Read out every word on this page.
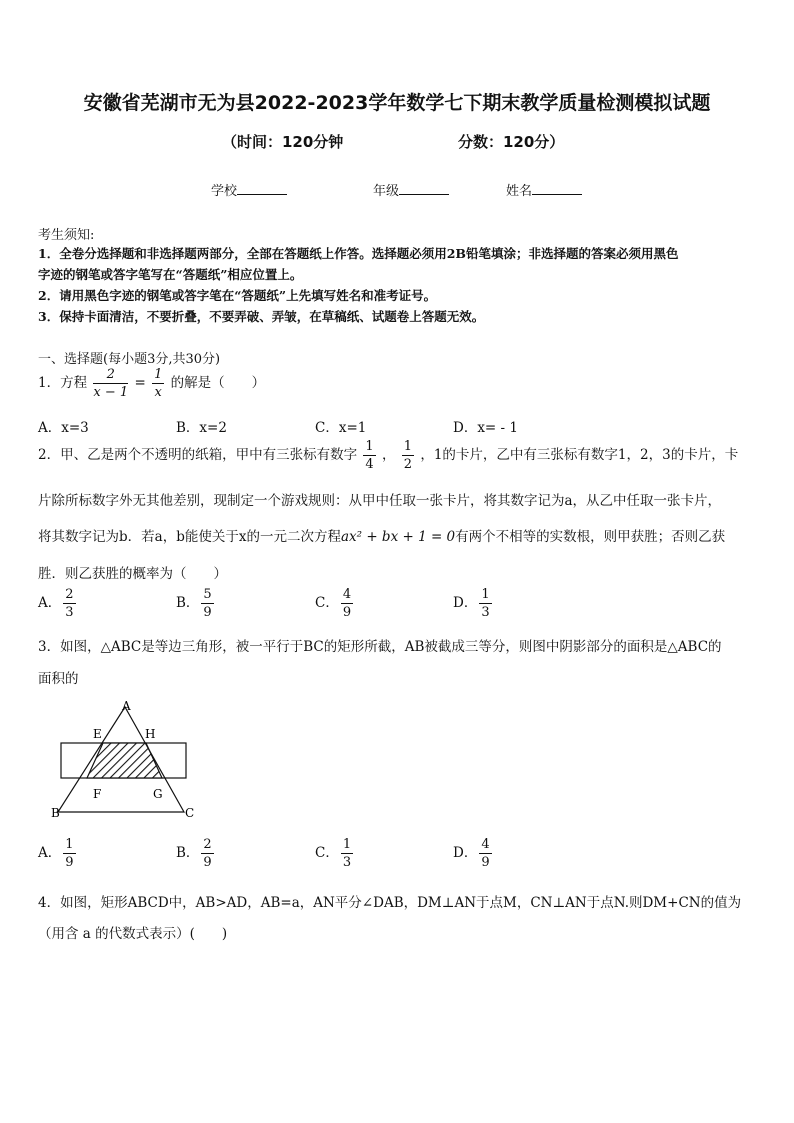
安徽省芜湖市无为县2022-2023学年数学七下期末教学质量检测模拟试题
（时间：120分钟	分数：120分）
学校	年级	姓名
考生须知:
1．全卷分选择题和非选择题两部分，全部在答题纸上作答。选择题必须用2B铅笔填涂；非选择题的答案必须用黑色
字迹的钢笔或答字笔写在“答题纸”相应位置上。
2．请用黑色字迹的钢笔或答字笔在“答题纸”上先填写姓名和准考证号。
3．保持卡面清洁，不要折叠，不要弄破、弄皱，在草稿纸、试题卷上答题无效。
一、选择题(每小题3分,共30分)
1．方程 $\frac{2}{x - 1} = \frac{1}{x}$ 的解是（　　）
A．x=3	B．x=2	C．x=1	D．x= - 1
2．甲、乙是两个不透明的纸箱，甲中有三张标有数字 $\frac{1}{4}$ ， $\frac{1}{2}$ ，1的卡片，乙中有三张标有数字1，2，3的卡片，卡
片除所标数字外无其他差别，现制定一个游戏规则：从甲中任取一张卡片，将其数字记为a，从乙中任取一张卡片，
将其数字记为b．若a，b能使关于x的一元二次方程ax² + bx + 1 = 0有两个不相等的实数根，则甲获胜；否则乙获
胜．则乙获胜的概率为（　　）
A． $\frac{2}{3}$	B． $\frac{5}{9}$	C． $\frac{4}{9}$	D． $\frac{1}{3}$
3．如图，△ABC是等边三角形，被一平行于BC的矩形所截，AB被截成三等分，则图中阴影部分的面积是△ABC的
面积的
A
B	C
E	H
F	G
A． $\frac{1}{9}$	B． $\frac{2}{9}$	C． $\frac{1}{3}$	D． $\frac{4}{9}$
4．如图，矩形ABCD中，AB>AD，AB=a，AN平分∠DAB，DM⊥AN于点M，CN⊥AN于点N.则DM+CN的值为
（用含 a 的代数式表示）(　　)
